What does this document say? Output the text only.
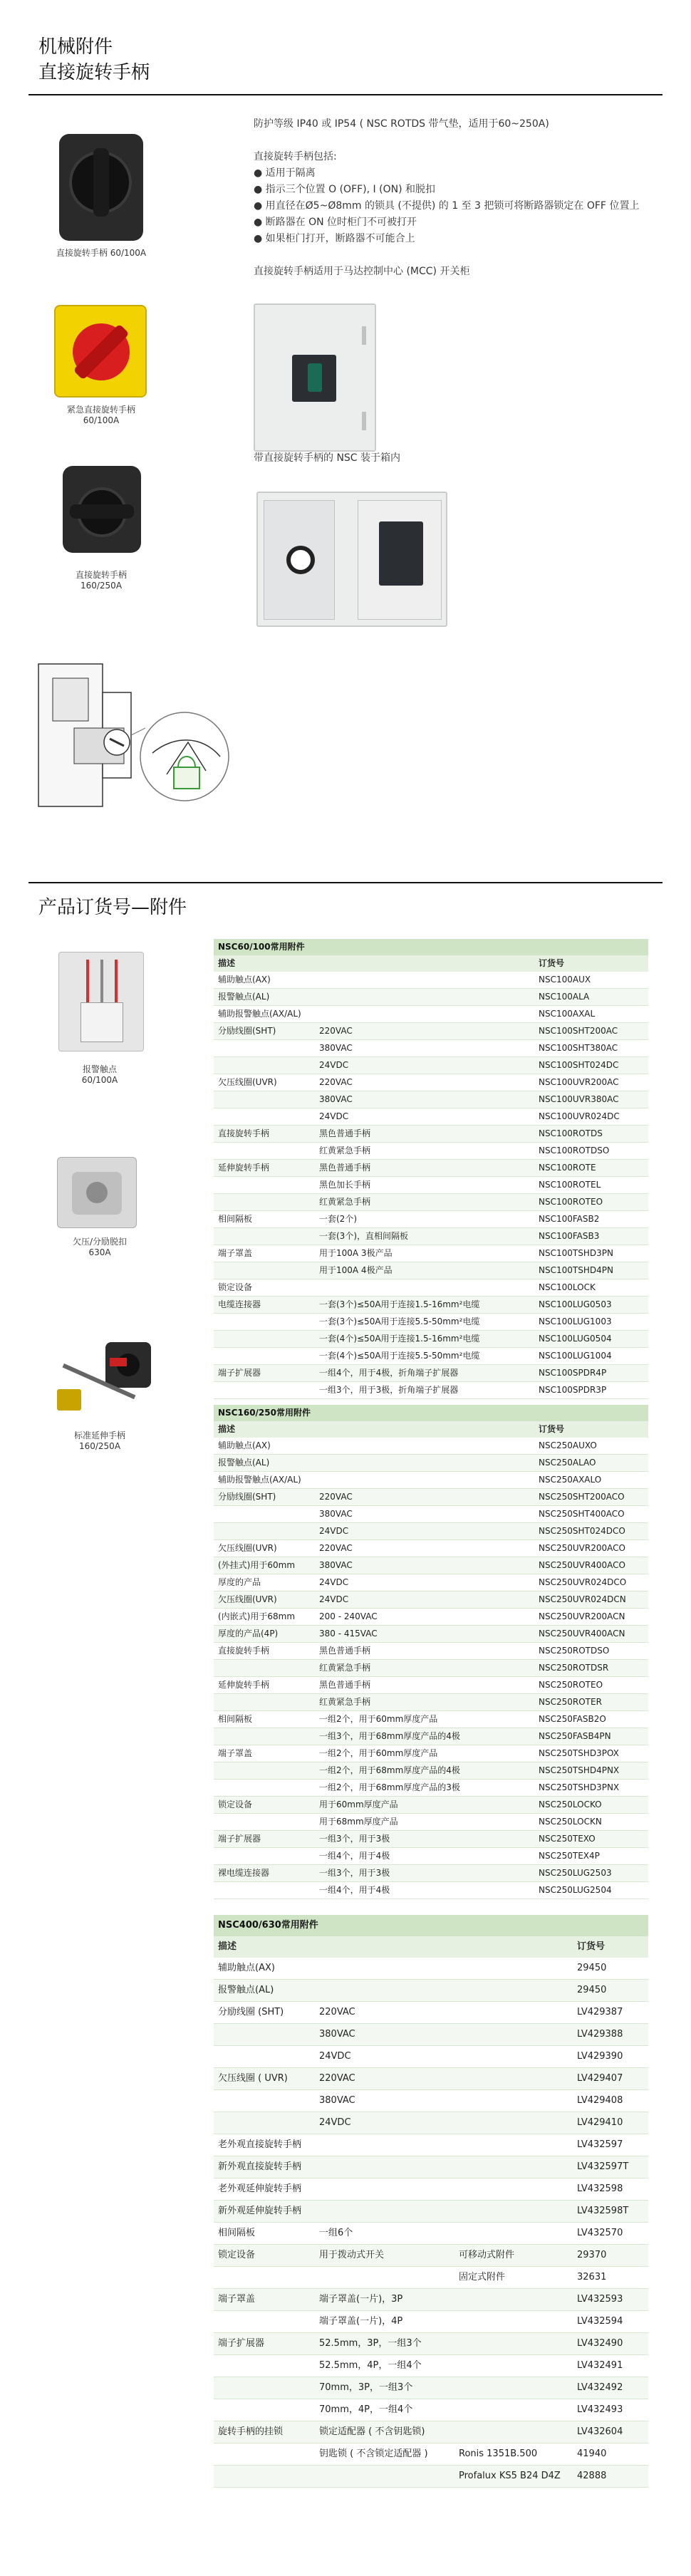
机械附件
直接旋转手柄
直接旋转手柄 60/100A
紧急直接旋转手柄
60/100A
直接旋转手柄
160/250A

防护等级 IP40 或 IP54 ( NSC ROTDS 带气垫，适用于60~250A)

直接旋转手柄包括:

● 适用于隔离

● 指示三个位置 O (OFF), I (ON) 和脱扣

● 用直径在Ø5~Ø8mm 的锁具 (不提供) 的 1 至 3 把锁可将断路器锁定在 OFF 位置上

● 断路器在 ON 位时柜门不可被打开

● 如果柜门打开，断路器不可能合上

直接旋转手柄适用于马达控制中心 (MCC) 开关柜

带直接旋转手柄的 NSC 装于箱内
产品订货号—附件
报警触点
60/100A
欠压/分励脱扣
630A
标准延伸手柄
160/250A
NSC60/100常用附件		
描述		订货号
辅助触点(AX)		NSC100AUX
报警触点(AL)		NSC100ALA
辅助报警触点(AX/AL)		NSC100AXAL
分励线圈(SHT)	220VAC	NSC100SHT200AC
	380VAC	NSC100SHT380AC
	24VDC	NSC100SHT024DC
欠压线圈(UVR)	220VAC	NSC100UVR200AC
	380VAC	NSC100UVR380AC
	24VDC	NSC100UVR024DC
直接旋转手柄	黑色普通手柄	NSC100ROTDS
	红黄紧急手柄	NSC100ROTDSO
延伸旋转手柄	黑色普通手柄	NSC100ROTE
	黑色加长手柄	NSC100ROTEL
	红黄紧急手柄	NSC100ROTEO
相间隔板	一套(2个)	NSC100FASB2
	一套(3个)，直相间隔板	NSC100FASB3
端子罩盖	用于100A 3极产品	NSC100TSHD3PN
	用于100A 4极产品	NSC100TSHD4PN
锁定设备		NSC100LOCK
电缆连接器	一套(3个)≤50A用于连接1.5-16mm²电缆	NSC100LUG0503
	一套(3个)≤50A用于连接5.5-50mm²电缆	NSC100LUG1003
	一套(4个)≤50A用于连接1.5-16mm²电缆	NSC100LUG0504
	一套(4个)≤50A用于连接5.5-50mm²电缆	NSC100LUG1004
端子扩展器	一组4个，用于4极，折角端子扩展器	NSC100SPDR4P
	一组3个，用于3极，折角端子扩展器	NSC100SPDR3P
NSC160/250常用附件		
描述		订货号
辅助触点(AX)		NSC250AUXO
报警触点(AL)		NSC250ALAO
辅助报警触点(AX/AL)		NSC250AXALO
分励线圈(SHT)	220VAC	NSC250SHT200ACO
	380VAC	NSC250SHT400ACO
	24VDC	NSC250SHT024DCO
欠压线圈(UVR)	220VAC	NSC250UVR200ACO
(外挂式)用于60mm	380VAC	NSC250UVR400ACO
厚度的产品	24VDC	NSC250UVR024DCO
欠压线圈(UVR)	24VDC	NSC250UVR024DCN
(内嵌式)用于68mm	200 - 240VAC	NSC250UVR200ACN
厚度的产品(4P)	380 - 415VAC	NSC250UVR400ACN
直接旋转手柄	黑色普通手柄	NSC250ROTDSO
	红黄紧急手柄	NSC250ROTDSR
延伸旋转手柄	黑色普通手柄	NSC250ROTEO
	红黄紧急手柄	NSC250ROTER
相间隔板	一组2个，用于60mm厚度产品	NSC250FASB2O
	一组3个，用于68mm厚度产品的4极	NSC250FASB4PN
端子罩盖	一组2个，用于60mm厚度产品	NSC250TSHD3POX
	一组2个，用于68mm厚度产品的4极	NSC250TSHD4PNX
	一组2个，用于68mm厚度产品的3极	NSC250TSHD3PNX
锁定设备	用于60mm厚度产品	NSC250LOCKO
	用于68mm厚度产品	NSC250LOCKN
端子扩展器	一组3个，用于3极	NSC250TEXO
	一组4个，用于4极	NSC250TEX4P
裸电缆连接器	一组3个，用于3极	NSC250LUG2503
	一组4个，用于4极	NSC250LUG2504
NSC400/630常用附件			
描述			订货号
辅助触点(AX)			29450
报警触点(AL)			29450
分励线圈 (SHT)	220VAC		LV429387
	380VAC		LV429388
	24VDC		LV429390
欠压线圈 ( UVR)	220VAC		LV429407
	380VAC		LV429408
	24VDC		LV429410
老外观直接旋转手柄			LV432597
新外观直接旋转手柄			LV432597T
老外观延伸旋转手柄			LV432598
新外观延伸旋转手柄			LV432598T
相间隔板	一组6个		LV432570
锁定设备	用于拨动式开关	可移动式附件	29370
		固定式附件	32631
端子罩盖	端子罩盖(一片)，3P		LV432593
	端子罩盖(一片)，4P		LV432594
端子扩展器	52.5mm，3P，一组3个		LV432490
	52.5mm，4P，一组4个		LV432491
	70mm，3P，一组3个		LV432492
	70mm，4P，一组4个		LV432493
旋转手柄的挂锁	锁定适配器 ( 不含钥匙锁)		LV432604
	钥匙锁 ( 不含锁定适配器 )	Ronis 1351B.500	41940
		Profalux KS5 B24 D4Z	42888
